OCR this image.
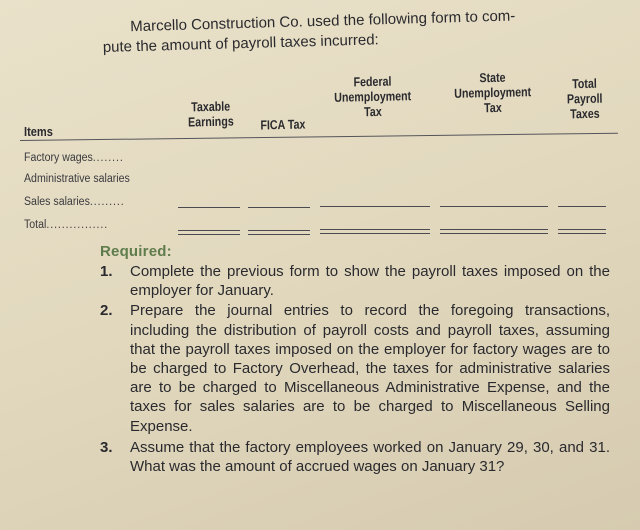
Marcello Construction Co. used the following form to com-

pute the amount of payroll taxes incurred:

Items
Taxable
Earnings	FICA Tax
Federal
Unemployment
Tax
State
Unemployment
Tax
Total
Payroll
Taxes
Factory wages........
Administrative salaries
Sales salaries.........
Total................
Required:
1. Complete the previous form to show the payroll taxes imposed on the employer for January.
2. Prepare the journal entries to record the foregoing transactions, including the distribution of payroll costs and payroll taxes, assuming that the payroll taxes imposed on the employer for factory wages are to be charged to Factory Overhead, the taxes for administrative salaries are to be charged to Miscellaneous Administrative Expense, and the taxes for sales salaries are to be charged to Miscellaneous Selling Expense.
3. Assume that the factory employees worked on January 29, 30, and 31. What was the amount of accrued wages on January 31?
